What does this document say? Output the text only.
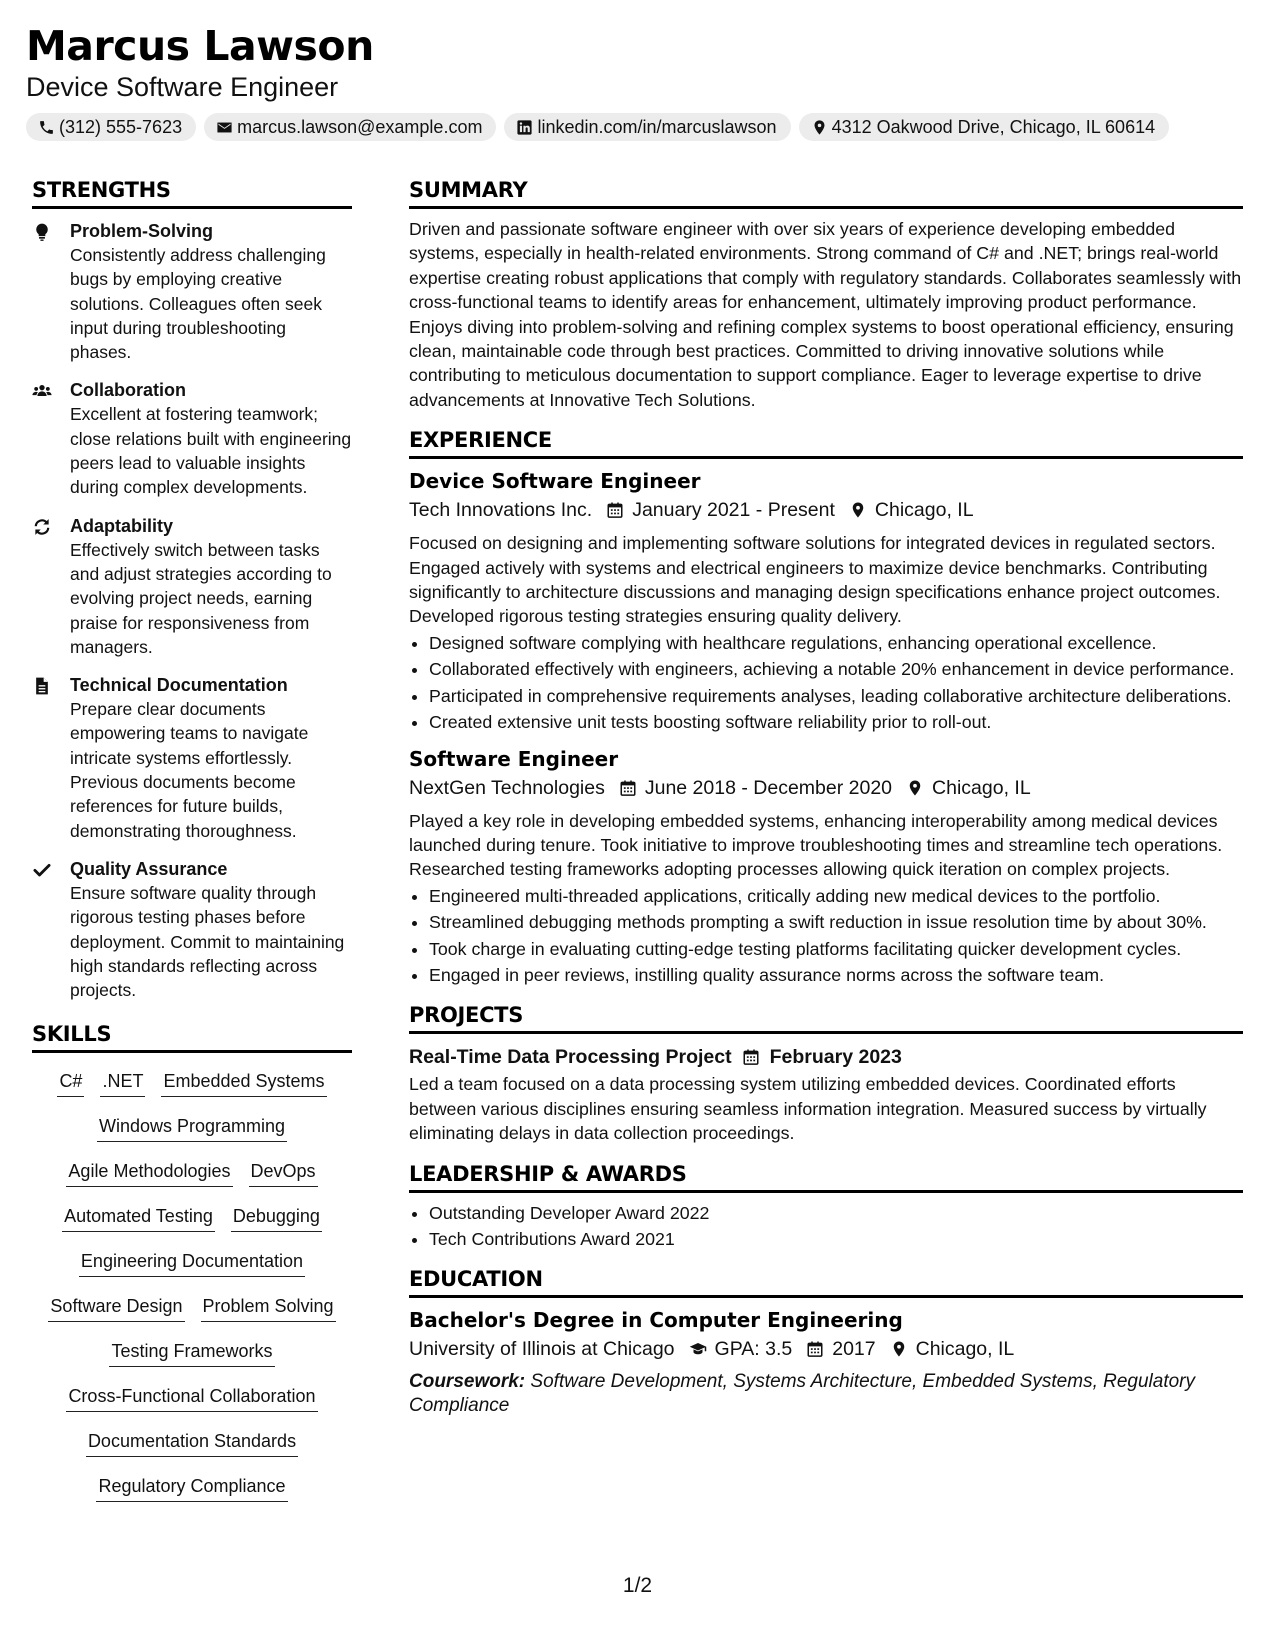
Marcus Lawson
Device Software Engineer
(312) 555-7623	marcus.lawson@example.com	linkedin.com/in/marcuslawson	4312 Oakwood Drive, Chicago, IL 60614
STRENGTHS
Problem-Solving
Consistently address challenging bugs by employing creative solutions. Colleagues often seek input during troubleshooting phases.
Collaboration
Excellent at fostering teamwork; close relations built with engineering peers lead to valuable insights during complex developments.
Adaptability
Effectively switch between tasks and adjust strategies according to evolving project needs, earning praise for responsiveness from managers.
Technical Documentation
Prepare clear documents empowering teams to navigate intricate systems effortlessly. Previous documents become references for future builds, demonstrating thoroughness.
Quality Assurance
Ensure software quality through rigorous testing phases before deployment. Commit to maintaining high standards reflecting across projects.
SKILLS
C# .NET Embedded Systems
Windows Programming
Agile Methodologies DevOps
Automated Testing Debugging
Engineering Documentation
Software Design Problem Solving
Testing Frameworks
Cross-Functional Collaboration
Documentation Standards
Regulatory Compliance
SUMMARY

Driven and passionate software engineer with over six years of experience developing embedded systems, especially in health-related environments. Strong command of C# and .NET; brings real-world expertise creating robust applications that comply with regulatory standards. Collaborates seamlessly with cross-functional teams to identify areas for enhancement, ultimately improving product performance. Enjoys diving into problem-solving and refining complex systems to boost operational efficiency, ensuring clean, maintainable code through best practices. Committed to driving innovative solutions while contributing to meticulous documentation to support compliance. Eager to leverage expertise to drive advancements at Innovative Tech Solutions.

EXPERIENCE
Device Software Engineer
Tech Innovations Inc. January 2021 - Present Chicago, IL

Focused on designing and implementing software solutions for integrated devices in regulated sectors. Engaged actively with systems and electrical engineers to maximize device benchmarks. Contributing significantly to architecture discussions and managing design specifications enhance project outcomes. Developed rigorous testing strategies ensuring quality delivery.

• Designed software complying with healthcare regulations, enhancing operational excellence.
• Collaborated effectively with engineers, achieving a notable 20% enhancement in device performance.
• Participated in comprehensive requirements analyses, leading collaborative architecture deliberations.
• Created extensive unit tests boosting software reliability prior to roll-out.
Software Engineer
NextGen Technologies June 2018 - December 2020 Chicago, IL

Played a key role in developing embedded systems, enhancing interoperability among medical devices launched during tenure. Took initiative to improve troubleshooting times and streamline tech operations. Researched testing frameworks adopting processes allowing quick iteration on complex projects.

• Engineered multi-threaded applications, critically adding new medical devices to the portfolio.
• Streamlined debugging methods prompting a swift reduction in issue resolution time by about 30%.
• Took charge in evaluating cutting-edge testing platforms facilitating quicker development cycles.
• Engaged in peer reviews, instilling quality assurance norms across the software team.
PROJECTS
Real-Time Data Processing Project February 2023

Led a team focused on a data processing system utilizing embedded devices. Coordinated efforts between various disciplines ensuring seamless information integration. Measured success by virtually eliminating delays in data collection proceedings.

LEADERSHIP & AWARDS
• Outstanding Developer Award 2022
• Tech Contributions Award 2021
EDUCATION
Bachelor's Degree in Computer Engineering
University of Illinois at Chicago GPA: 3.5 2017 Chicago, IL
Coursework: Software Development, Systems Architecture, Embedded Systems, Regulatory Compliance
1/2
